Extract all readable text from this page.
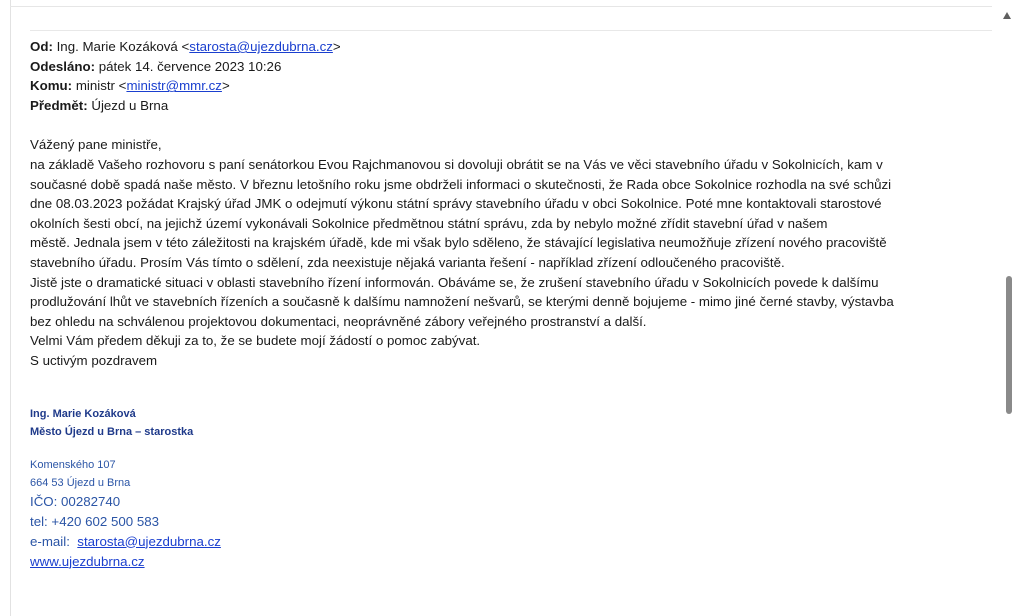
Od: Ing. Marie Kozáková <starosta@ujezdubrna.cz>
Odesláno: pátek 14. července 2023 10:26
Komu: ministr <ministr@mmr.cz>
Předmět: Újezd u Brna
Vážený pane ministře,
na základě Vašeho rozhovoru s paní senátorkou Evou Rajchmanovou si dovoluji obrátit se na Vás ve věci stavebního úřadu v Sokolnicích, kam v
současné době spadá naše město. V březnu letošního roku jsme obdrželi informaci o skutečnosti, že Rada obce Sokolnice rozhodla na své schůzi
dne 08.03.2023 požádat Krajský úřad JMK o odejmutí výkonu státní správy stavebního úřadu v obci Sokolnice. Poté mne kontaktovali starostové
okolních šesti obcí, na jejichž území vykonávali Sokolnice předmětnou státní správu, zda by nebylo možné zřídit stavební úřad v našem
městě. Jednala jsem v této záležitosti na krajském úřadě, kde mi však bylo sděleno, že stávající legislativa neumožňuje zřízení nového pracoviště
stavebního úřadu. Prosím Vás tímto o sdělení, zda neexistuje nějaká varianta řešení - například zřízení odloučeného pracoviště.
Jistě jste o dramatické situaci v oblasti stavebního řízení informován. Obáváme se, že zrušení stavebního úřadu v Sokolnicích povede k dalšímu
prodlužování lhůt ve stavebních řízeních a současně k dalšímu namnožení nešvarů, se kterými denně bojujeme - mimo jiné černé stavby, výstavba
bez ohledu na schválenou projektovou dokumentaci, neoprávněné zábory veřejného prostranství a další.
Velmi Vám předem děkuji za to, že se budete mojí žádostí o pomoc zabývat.
S uctivým pozdravem
Ing. Marie Kozáková
Město Újezd u Brna – starostka
Komenského 107
664 53 Újezd u Brna
IČO: 00282740
tel: +420 602 500 583
e-mail: starosta@ujezdubrna.cz
www.ujezdubrna.cz
